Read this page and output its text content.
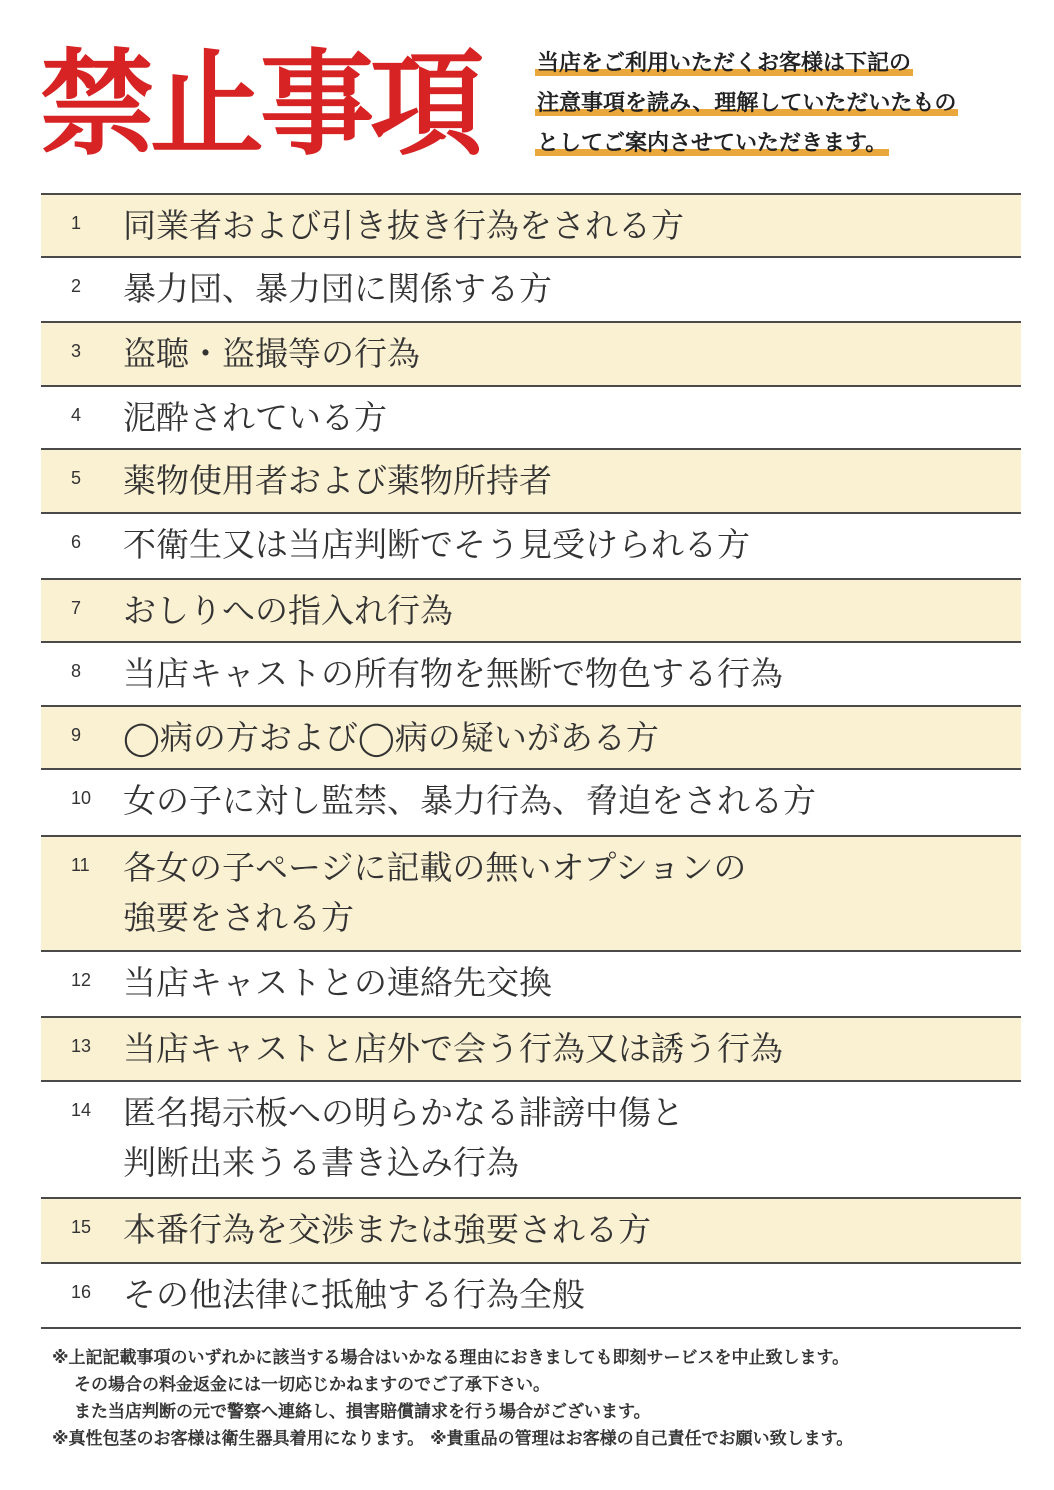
禁止事項	当店をご利用いただくお客様は下記の
注意事項を読み、理解していただいたもの
としてご案内させていただきます。
1 同業者および引き抜き行為をされる方
2 暴力団、暴力団に関係する方
3 盗聴・盗撮等の行為
4 泥酔されている方
5 薬物使用者および薬物所持者
6 不衛生又は当店判断でそう見受けられる方
7 おしりへの指入れ行為
8 当店キャストの所有物を無断で物色する行為
9 ◯病の方および◯病の疑いがある方
10 女の子に対し監禁、暴力行為、脅迫をされる方
11 各女の子ページに記載の無いオプションの
強要をされる方
12 当店キャストとの連絡先交換
13 当店キャストと店外で会う行為又は誘う行為
14 匿名掲示板への明らかなる誹謗中傷と
判断出来うる書き込み行為
15 本番行為を交渉または強要される方
16 その他法律に抵触する行為全般
※上記記載事項のいずれかに該当する場合はいかなる理由におきましても即刻サービスを中止致します。
その場合の料金返金には一切応じかねますのでご了承下さい。
また当店判断の元で警察へ連絡し、損害賠償請求を行う場合がございます。
※真性包茎のお客様は衛生器具着用になります。 ※貴重品の管理はお客様の自己責任でお願い致します。
